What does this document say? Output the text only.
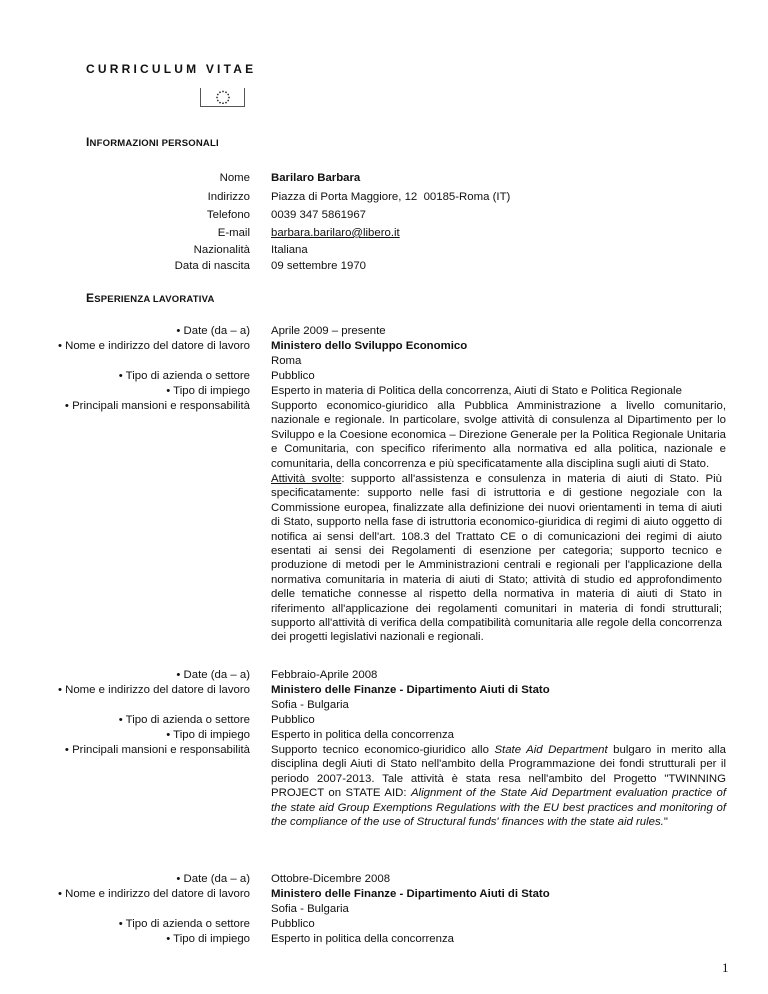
CURRICULUM VITAE
INFORMAZIONI PERSONALI
Nome Barilaro Barbara
Indirizzo Piazza di Porta Maggiore, 12  00185-Roma (IT)
Telefono 0039 347 5861967
E-mail barbara.barilaro@libero.it
Nazionalità Italiana
Data di nascita 09 settembre 1970
ESPERIENZA LAVORATIVA
• Date (da – a)
• Nome e indirizzo del datore di lavoro
• Tipo di azienda o settore
• Tipo di impiego
• Principali mansioni e responsabilità
Aprile 2009 – presente
Ministero dello Sviluppo Economico
Roma
Pubblico
Esperto in materia di Politica della concorrenza, Aiuti di Stato e Politica Regionale
Supporto economico-giuridico alla Pubblica Amministrazione a livello comunitario, nazionale e regionale. In particolare, svolge attività di consulenza al Dipartimento per lo Sviluppo e la Coesione economica – Direzione Generale per la Politica Regionale Unitaria e Comunitaria, con specifico riferimento alla normativa ed alla politica, nazionale e comunitaria, della concorrenza e più specificatamente alla disciplina sugli aiuti di Stato.
Attività svolte: supporto all'assistenza e consulenza in materia di aiuti di Stato. Più specificatamente: supporto nelle fasi di istruttoria e di gestione negoziale con la Commissione europea, finalizzate alla definizione dei nuovi orientamenti in tema di aiuti di Stato, supporto nella fase di istruttoria economico-giuridica di regimi di aiuto oggetto di notifica ai sensi dell'art. 108.3 del Trattato CE o di comunicazioni dei regimi di aiuto esentati ai sensi dei Regolamenti di esenzione per categoria; supporto tecnico e produzione di metodi per le Amministrazioni centrali e regionali per l'applicazione della normativa comunitaria in materia di aiuti di Stato; attività di studio ed approfondimento delle tematiche connesse al rispetto della normativa in materia di aiuti di Stato in riferimento all'applicazione dei regolamenti comunitari in materia di fondi strutturali; supporto all'attività di verifica della compatibilità comunitaria alle regole della concorrenza dei progetti legislativi nazionali e regionali.
• Date (da – a)
• Nome e indirizzo del datore di lavoro
• Tipo di azienda o settore
• Tipo di impiego
• Principali mansioni e responsabilità
Febbraio-Aprile 2008
Ministero delle Finanze - Dipartimento Aiuti di Stato
Sofia - Bulgaria
Pubblico
Esperto in politica della concorrenza
Supporto tecnico economico-giuridico allo State Aid Department bulgaro in merito alla disciplina degli Aiuti di Stato nell'ambito della Programmazione dei fondi strutturali per il periodo 2007-2013. Tale attività è stata resa nell'ambito del Progetto "TWINNING PROJECT on STATE AID: Alignment of the State Aid Department evaluation practice of the state aid Group Exemptions Regulations with the EU best practices and monitoring of the compliance of the use of Structural funds' finances with the state aid rules."
• Date (da – a)
• Nome e indirizzo del datore di lavoro
• Tipo di azienda o settore
• Tipo di impiego
Ottobre-Dicembre 2008
Ministero delle Finanze - Dipartimento Aiuti di Stato
Sofia - Bulgaria
Pubblico
Esperto in politica della concorrenza
1
